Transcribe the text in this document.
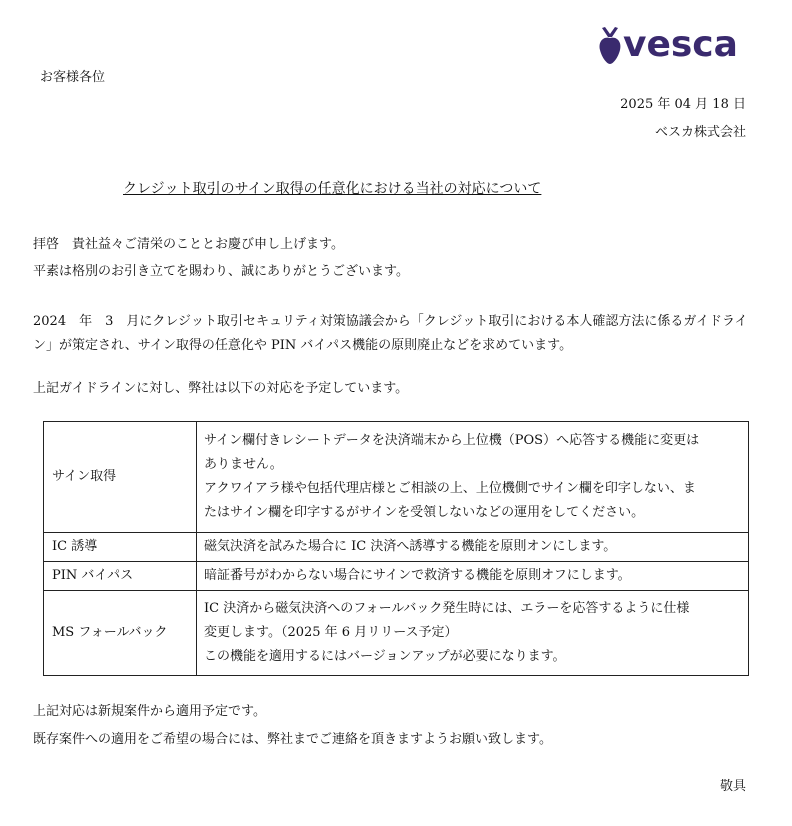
vesca
お客様各位
2025 年 04 月 18 日
ベスカ株式会社
クレジット取引のサイン取得の任意化における当社の対応について
拝啓　貴社益々ご清栄のこととお慶び申し上げます。
平素は格別のお引き立てを賜わり、誠にありがとうございます。
2024　年　3　月にクレジット取引セキュリティ対策協議会から「クレジット取引における本人確認方法に係るガイドライ
ン」が策定され、サイン取得の任意化や PIN バイパス機能の原則廃止などを求めています。
上記ガイドラインに対し、弊社は以下の対応を予定しています。
サイン取得	サイン欄付きレシートデータを決済端末から上位機（POS）へ応答する機能に変更は
ありません。
アクワイアラ様や包括代理店様とご相談の上、上位機側でサイン欄を印字しない、ま
たはサイン欄を印字するがサインを受領しないなどの運用をしてください。

IC 誘導	磁気決済を試みた場合に IC 決済へ誘導する機能を原則オンにします。

PIN バイパス	暗証番号がわからない場合にサインで救済する機能を原則オフにします。

MS フォールバック	IC 決済から磁気決済へのフォールバック発生時には、エラーを応答するように仕様
変更します。（2025 年 6 月リリース予定）
この機能を適用するにはバージョンアップが必要になります。
上記対応は新規案件から適用予定です。
既存案件への適用をご希望の場合には、弊社までご連絡を頂きますようお願い致します。
敬具
